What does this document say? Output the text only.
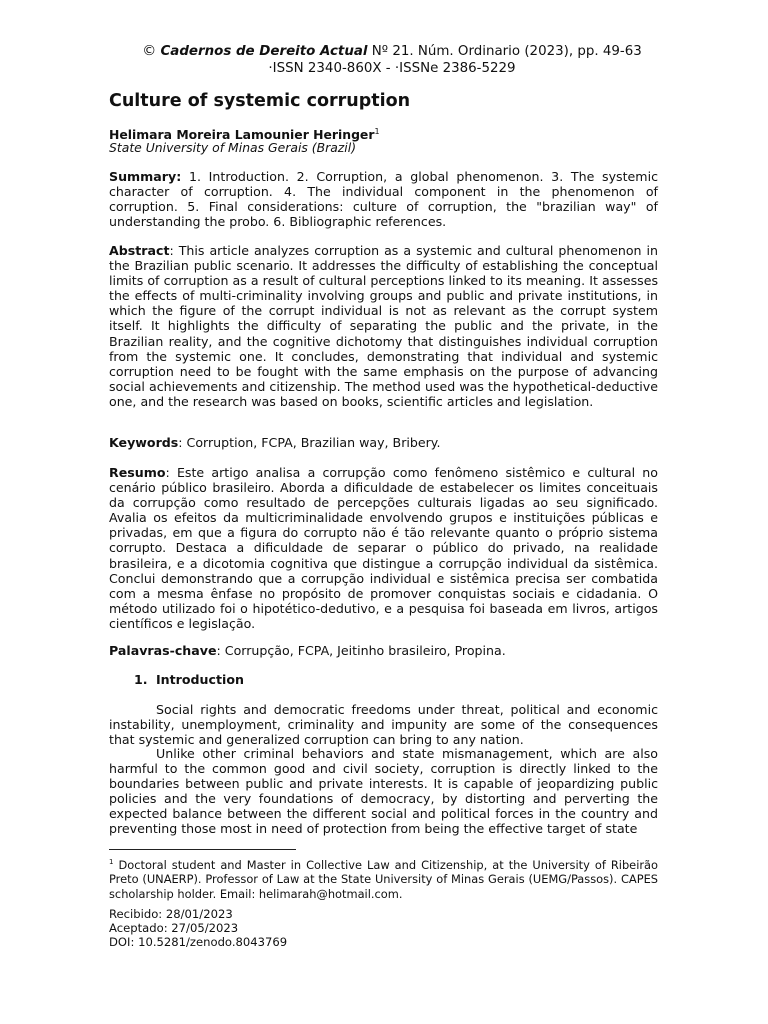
© Cadernos de Dereito Actual Nº 21. Núm. Ordinario (2023), pp. 49-63
·ISSN 2340-860X - ·ISSNe 2386-5229
Culture of systemic corruption
Helimara Moreira Lamounier Heringer$^1$
State University of Minas Gerais (Brazil)

Summary: 1. Introduction. 2. Corruption, a global phenomenon. 3. The systemic character of corruption. 4. The individual component in the phenomenon of corruption. 5. Final considerations: culture of corruption, the "brazilian way" of understanding the probo. 6. Bibliographic references.

Abstract: This article analyzes corruption as a systemic and cultural phenomenon in the Brazilian public scenario. It addresses the difficulty of establishing the conceptual limits of corruption as a result of cultural perceptions linked to its meaning. It assesses the effects of multi-criminality involving groups and public and private institutions, in which the figure of the corrupt individual is not as relevant as the corrupt system itself. It highlights the difficulty of separating the public and the private, in the Brazilian reality, and the cognitive dichotomy that distinguishes individual corruption from the systemic one. It concludes, demonstrating that individual and systemic corruption need to be fought with the same emphasis on the purpose of advancing social achievements and citizenship. The method used was the hypothetical-deductive one, and the research was based on books, scientific articles and legislation.

Keywords: Corruption, FCPA, Brazilian way, Bribery.

Resumo: Este artigo analisa a corrupção como fenômeno sistêmico e cultural no cenário público brasileiro. Aborda a dificuldade de estabelecer os limites conceituais da corrupção como resultado de percepções culturais ligadas ao seu significado. Avalia os efeitos da multicriminalidade envolvendo grupos e instituições públicas e privadas, em que a figura do corrupto não é tão relevante quanto o próprio sistema corrupto. Destaca a dificuldade de separar o público do privado, na realidade brasileira, e a dicotomia cognitiva que distingue a corrupção individual da sistêmica. Conclui demonstrando que a corrupção individual e sistêmica precisa ser combatida com a mesma ênfase no propósito de promover conquistas sociais e cidadania. O método utilizado foi o hipotético-dedutivo, e a pesquisa foi baseada em livros, artigos científicos e legislação.

Palavras-chave: Corrupção, FCPA, Jeitinho brasileiro, Propina.

1. Introduction

Social rights and democratic freedoms under threat, political and economic instability, unemployment, criminality and impunity are some of the consequences that systemic and generalized corruption can bring to any nation.

Unlike other criminal behaviors and state mismanagement, which are also harmful to the common good and civil society, corruption is directly linked to the boundaries between public and private interests. It is capable of jeopardizing public policies and the very foundations of democracy, by distorting and perverting the expected balance between the different social and political forces in the country and preventing those most in need of protection from being the effective target of state

$^1$ Doctoral student and Master in Collective Law and Citizenship, at the University of Ribeirão Preto (UNAERP). Professor of Law at the State University of Minas Gerais (UEMG/Passos). CAPES scholarship holder. Email: helimarah@hotmail.com.

Recibido: 28/01/2023
Aceptado: 27/05/2023
DOI: 10.5281/zenodo.8043769
